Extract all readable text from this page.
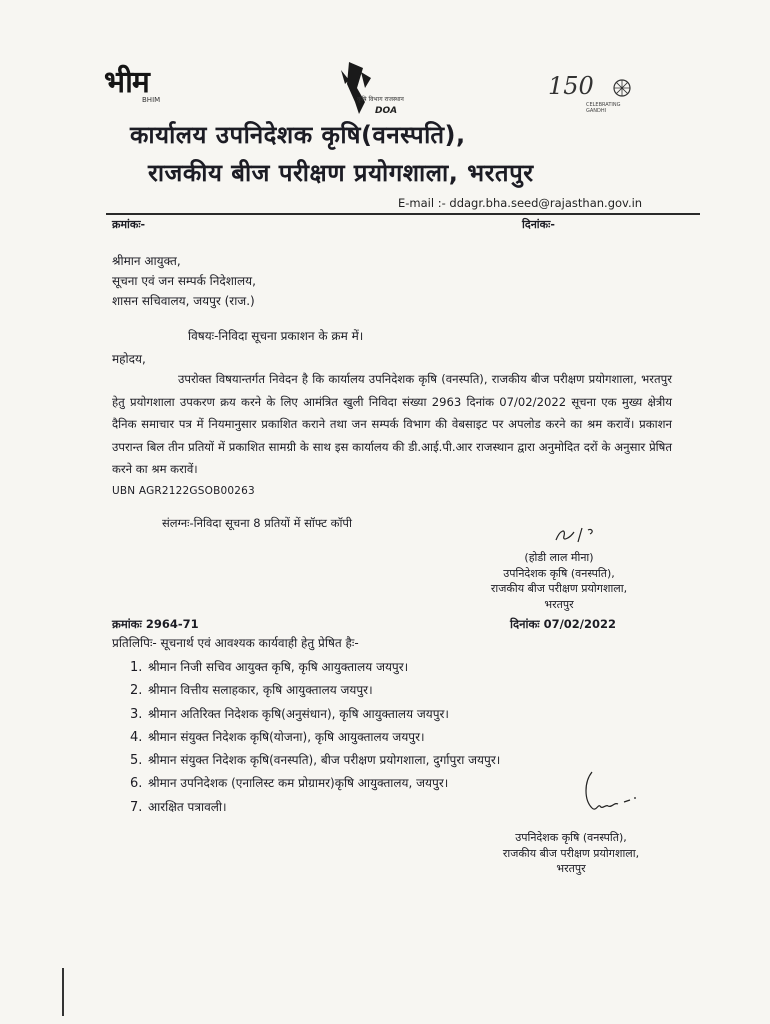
भीम
BHIM	कृषि विभाग राजस्थान
DOA
150
CELEBRATING GANDHI
कार्यालय उपनिदेशक कृषि(वनस्पति),
राजकीय बीज परीक्षण प्रयोगशाला, भरतपुर
E-mail :- ddagr.bha.seed@rajasthan.gov.in
क्रमांकः-	दिनांकः-
श्रीमान आयुक्त,
सूचना एवं जन सम्पर्क निदेशालय,
शासन सचिवालय, जयपुर (राज.)
विषयः-निविदा सूचना प्रकाशन के क्रम में।
महोदय,
उपरोक्त विषयान्तर्गत निवेदन है कि कार्यालय उपनिदेशक कृषि (वनस्पति), राजकीय बीज परीक्षण प्रयोगशाला, भरतपुर हेतु प्रयोगशाला उपकरण क्रय करने के लिए आमंत्रित खुली निविदा संख्या 2963 दिनांक 07/02/2022 सूचना एक मुख्य क्षेत्रीय दैनिक समाचार पत्र में नियमानुसार प्रकाशित कराने तथा जन सम्पर्क विभाग की वेबसाइट पर अपलोड करने का श्रम करावें। प्रकाशन उपरान्त बिल तीन प्रतियों में प्रकाशित सामग्री के साथ इस कार्यालय की डी.आई.पी.आर राजस्थान द्वारा अनुमोदित दरों के अनुसार प्रेषित करने का श्रम करावें।
UBN AGR2122GSOB00263
संलग्नः-निविदा सूचना 8 प्रतियों में सॉफ्ट कॉपी
(होडी लाल मीना)
उपनिदेशक कृषि (वनस्पति),
राजकीय बीज परीक्षण प्रयोगशाला,
भरतपुर
क्रमांकः 2964-71	दिनांकः 07/02/2022
प्रतिलिपिः- सूचनार्थ एवं आवश्यक कार्यवाही हेतु प्रेषित हैः-
1. श्रीमान निजी सचिव आयुक्त कृषि, कृषि आयुक्तालय जयपुर।
2. श्रीमान वित्तीय सलाहकार, कृषि आयुक्तालय जयपुर।
3. श्रीमान अतिरिक्त निदेशक कृषि(अनुसंधान), कृषि आयुक्तालय जयपुर।
4. श्रीमान संयुक्त निदेशक कृषि(योजना), कृषि आयुक्तालय जयपुर।
5. श्रीमान संयुक्त निदेशक कृषि(वनस्पति), बीज परीक्षण प्रयोगशाला, दुर्गापुरा जयपुर।
6. श्रीमान उपनिदेशक (एनालिस्ट कम प्रोग्रामर)कृषि आयुक्तालय, जयपुर।
7. आरक्षित पत्रावली।
उपनिदेशक कृषि (वनस्पति),
राजकीय बीज परीक्षण प्रयोगशाला,
भरतपुर
